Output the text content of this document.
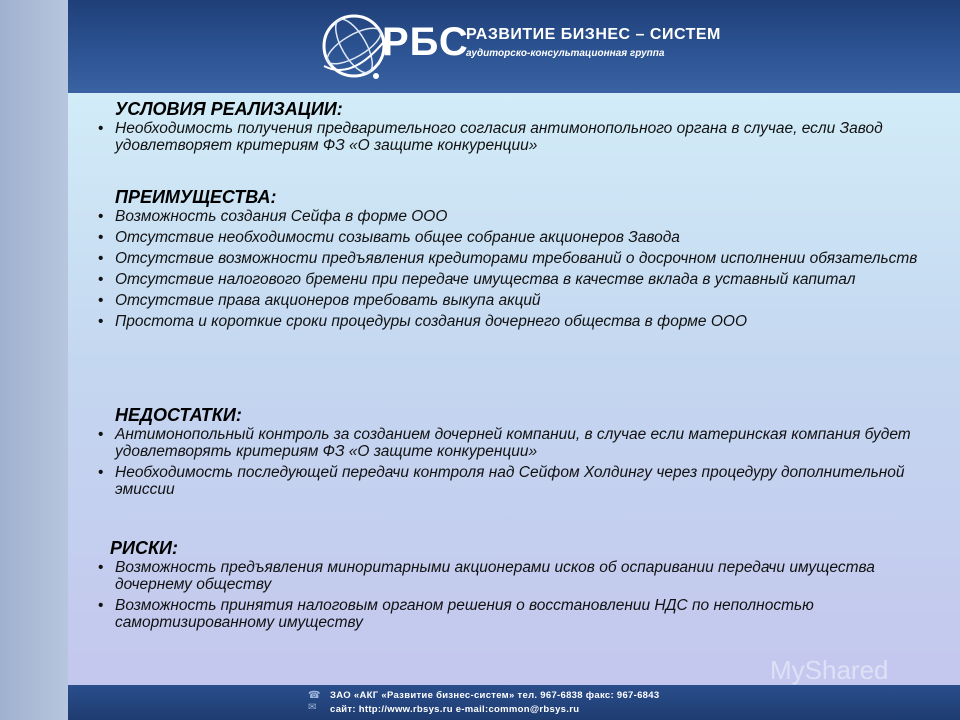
РБС
РАЗВИТИЕ БИЗНЕС – СИСТЕМ
аудиторско-консультационная группа

УСЛОВИЯ РЕАЛИЗАЦИИ:

• Необходимость получения предварительного согласия антимонопольного органа в случае, если Завод удовлетворяет критериям ФЗ «О защите конкуренции»

ПРЕИМУЩЕСТВА:

• Возможность создания Сейфа в форме ООО
• Отсутствие необходимости созывать общее собрание акционеров Завода
• Отсутствие возможности предъявления кредиторами требований о досрочном исполнении обязательств
• Отсутствие налогового бремени при передаче имущества в качестве вклада в уставный капитал
• Отсутствие права акционеров требовать выкупа акций
• Простота и короткие сроки процедуры создания дочернего общества в форме ООО

НЕДОСТАТКИ:

• Антимонопольный контроль за созданием дочерней компании, в случае если материнская компания будет удовлетворять критериям ФЗ «О защите конкуренции»
• Необходимость последующей передачи контроля над Сейфом Холдингу через процедуру дополнительной эмиссии

РИСКИ:

• Возможность предъявления миноритарными акционерами исков об оспаривании передачи имущества дочернему обществу
• Возможность принятия налоговым органом решения о восстановлении НДС по неполностью самортизированному имуществу
MyShared
☎
✉
ЗАО «АКГ «Развитие бизнес-систем» тел. 967-6838 факс: 967-6843
сайт: http://www.rbsys.ru e-mail:common@rbsys.ru
